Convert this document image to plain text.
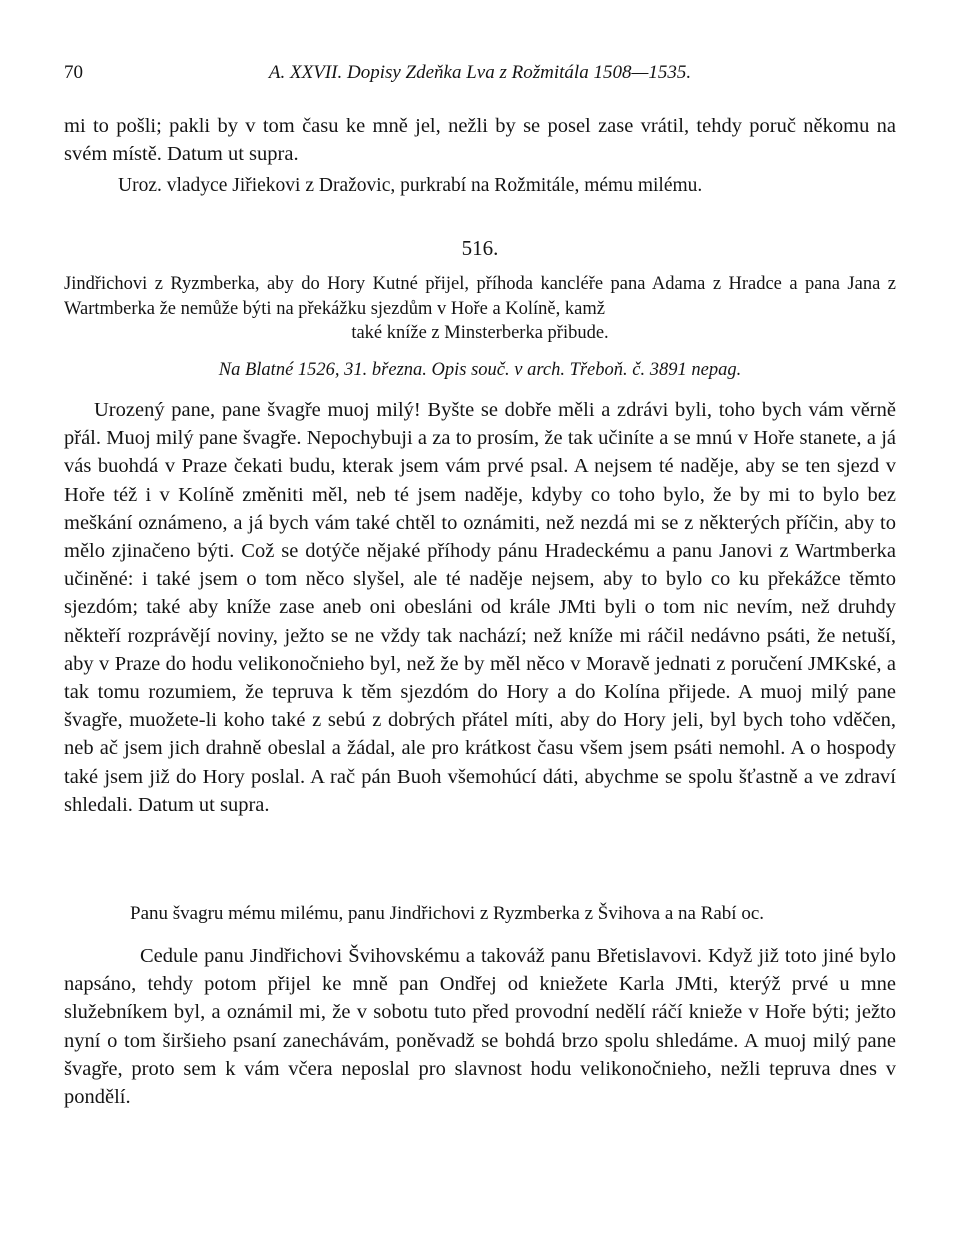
70	A. XXVII. Dopisy Zdeňka Lva z Rožmitála 1508—1535.

mi to pošli; pakli by v tom času ke mně jel, nežli by se posel zase vrátil, tehdy poruč někomu na svém místě. Datum ut supra.

Uroz. vladyce Jiřiekovi z Dražovic, purkrabí na Rožmitále, mému milému.

516.
Jindřichovi z Ryzmberka, aby do Hory Kutné přijel, příhoda kancléře pana Adama z Hradce a pana Jana z Wartmberka že nemůže býti na překážku sjezdům v Hoře a Kolíně, kamž
také kníže z Minsterberka přibude.
Na Blatné 1526, 31. března. Opis souč. v arch. Třeboň. č. 3891 nepag.

Urozený pane, pane švagře muoj milý! Byšte se dobře měli a zdrávi byli, toho bych vám věrně přál. Muoj milý pane švagře. Nepochybuji a za to prosím, že tak učiníte a se mnú v Hoře stanete, a já vás buohdá v Praze čekati budu, kterak jsem vám prvé psal. A nejsem té naděje, aby se ten sjezd v Hoře též i v Kolíně změniti měl, neb té jsem naděje, kdyby co toho bylo, že by mi to bylo bez meškání oznámeno, a já bych vám také chtěl to oznámiti, než nezdá mi se z některých příčin, aby to mělo zjinačeno býti. Což se dotýče nějaké příhody pánu Hradeckému a panu Janovi z Wartmberka učiněné: i také jsem o tom něco slyšel, ale té naděje nejsem, aby to bylo co ku překážce těmto sjezdóm; také aby kníže zase aneb oni obesláni od krále JMti byli o tom nic nevím, než druhdy někteří rozprávějí noviny, ježto se ne vždy tak nachází; než kníže mi ráčil nedávno psáti, že netuší, aby v Praze do hodu velikonočnieho byl, než že by měl něco v Moravě jednati z poručení JMKské, a tak tomu rozumiem, že tepruva k těm sjezdóm do Hory a do Kolína přijede. A muoj milý pane švagře, muožete-li koho také z sebú z dobrých přátel míti, aby do Hory jeli, byl bych toho vděčen, neb ač jsem jich drahně obeslal a žádal, ale pro krátkost času všem jsem psáti nemohl. A o hospody také jsem již do Hory poslal. A rač pán Buoh všemohúcí dáti, abychme se spolu šťastně a ve zdraví shledali. Datum ut supra.

Panu švagru mému milému, panu Jindřichovi z Ryzmberka z Švihova a na Rabí oc.

Cedule panu Jindřichovi Švihovskému a takováž panu Břetislavovi. Když již toto jiné bylo napsáno, tehdy potom přijel ke mně pan Ondřej od kniežete Karla JMti, kterýž prvé u mne služebníkem byl, a oznámil mi, že v sobotu tuto před provodní nedělí ráčí knieže v Hoře býti; ježto nyní o tom širšieho psaní zanechávám, poněvadž se bohdá brzo spolu shledáme. A muoj milý pane švagře, proto sem k vám včera neposlal pro slavnost hodu velikonočnieho, nežli tepruva dnes v pondělí.
